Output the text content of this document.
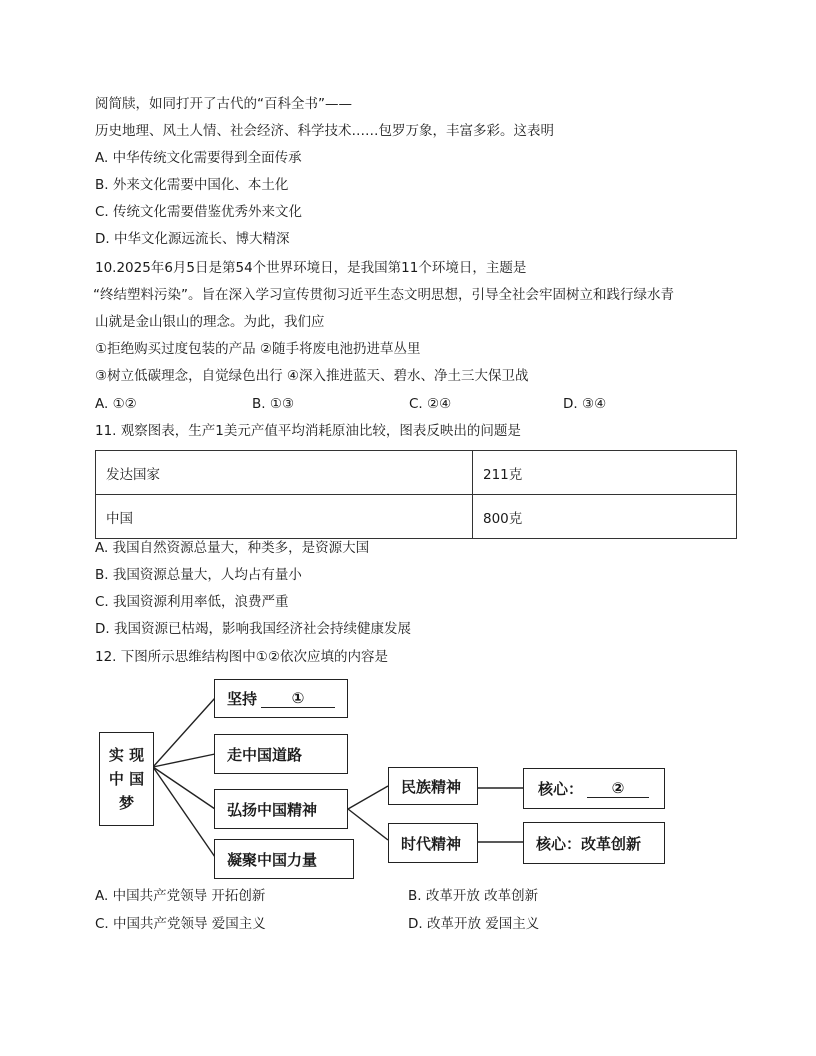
阅简牍，如同打开了古代的“百科全书”——
历史地理、风土人情、社会经济、科学技术……包罗万象，丰富多彩。这表明
A. 中华传统文化需要得到全面传承
B. 外来文化需要中国化、本土化
C. 传统文化需要借鉴优秀外来文化
D. 中华文化源远流长、博大精深
10.2025年6月5日是第54个世界环境日，是我国第11个环境日，主题是
“终结塑料污染”。旨在深入学习宣传贯彻习近平生态文明思想，引导全社会牢固树立和践行绿水青
山就是金山银山的理念。为此，我们应
①拒绝购买过度包装的产品 ②随手将废电池扔进草丛里
③树立低碳理念，自觉绿色出行 ④深入推进蓝天、碧水、净土三大保卫战
A. ①②	B. ①③	C. ②④	D. ③④
11. 观察图表，生产1美元产值平均消耗原油比较，图表反映出的问题是
发达国家	211克
中国	800克
A. 我国自然资源总量大，种类多，是资源大国
B. 我国资源总量大，人均占有量小
C. 我国资源利用率低，浪费严重
D. 我国资源已枯竭，影响我国经济社会持续健康发展
12. 下图所示思维结构图中①②依次应填的内容是
实 现
中 国
梦
坚持	①
走中国道路
弘扬中国精神
凝聚中国力量
民族精神
时代精神
核心：	②
核心：改革创新
A. 中国共产党领导 开拓创新	B. 改革开放 改革创新
C. 中国共产党领导 爱国主义	D. 改革开放 爱国主义
